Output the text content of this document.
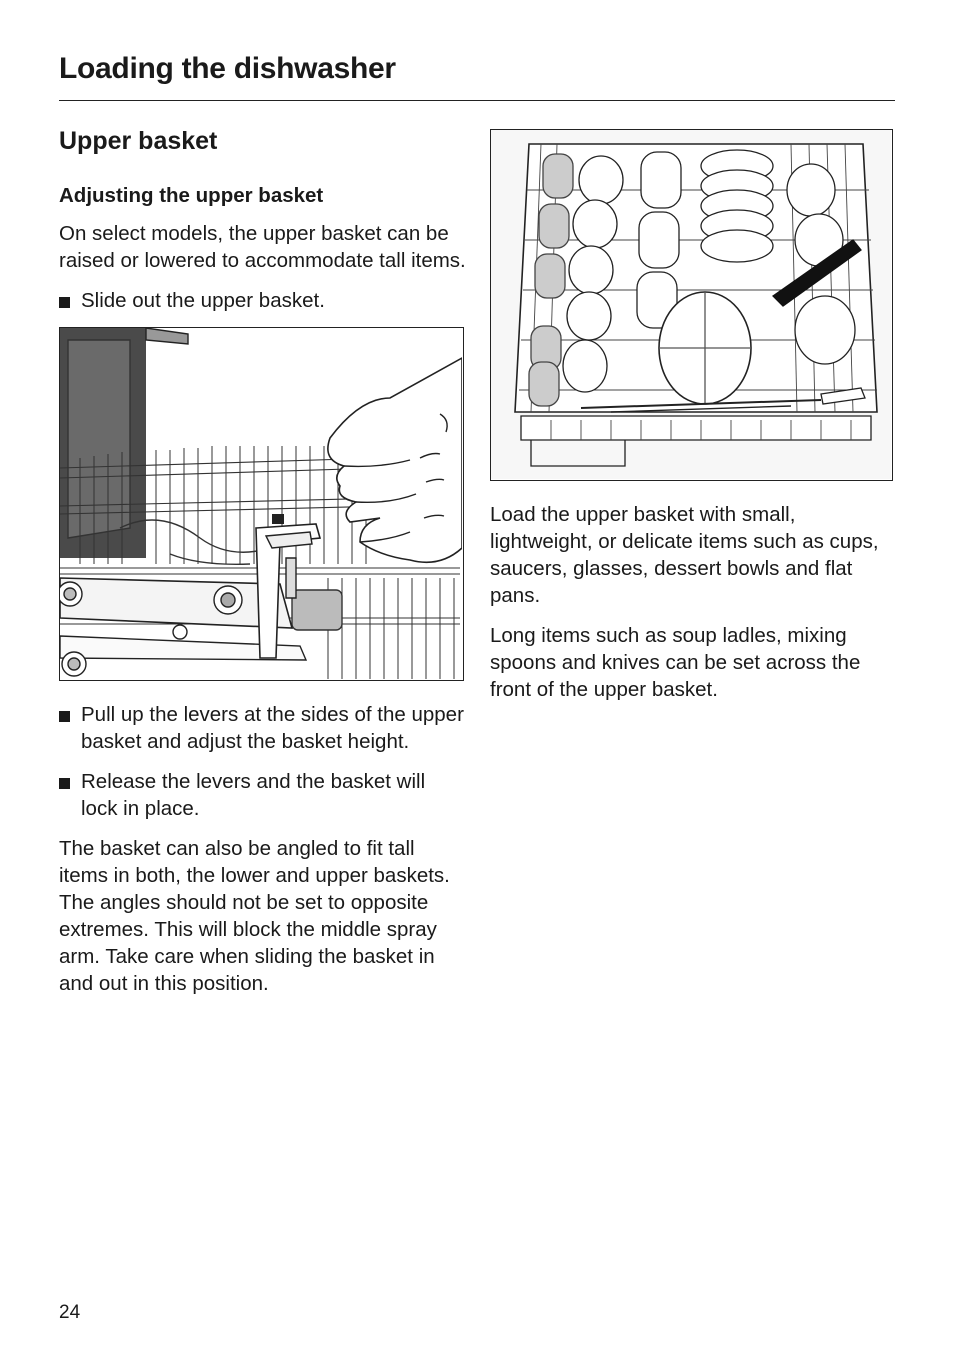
Loading the dishwasher
Upper basket
Adjusting the upper basket

On select models, the upper basket can be raised or lowered to accommodate tall items.

Slide out the upper basket.
Pull up the levers at the sides of the upper basket and adjust the basket height.
Release the levers and the basket will lock in place.

The basket can also be angled to fit tall items in both, the lower and upper baskets. The angles should not be set to opposite extremes. This will block the middle spray arm. Take care when sliding the basket in and out in this position.

Load the upper basket with small, lightweight, or delicate items such as cups, saucers, glasses, dessert bowls and flat pans.

Long items such as soup ladles, mixing spoons and knives can be set across the front of the upper basket.

24
